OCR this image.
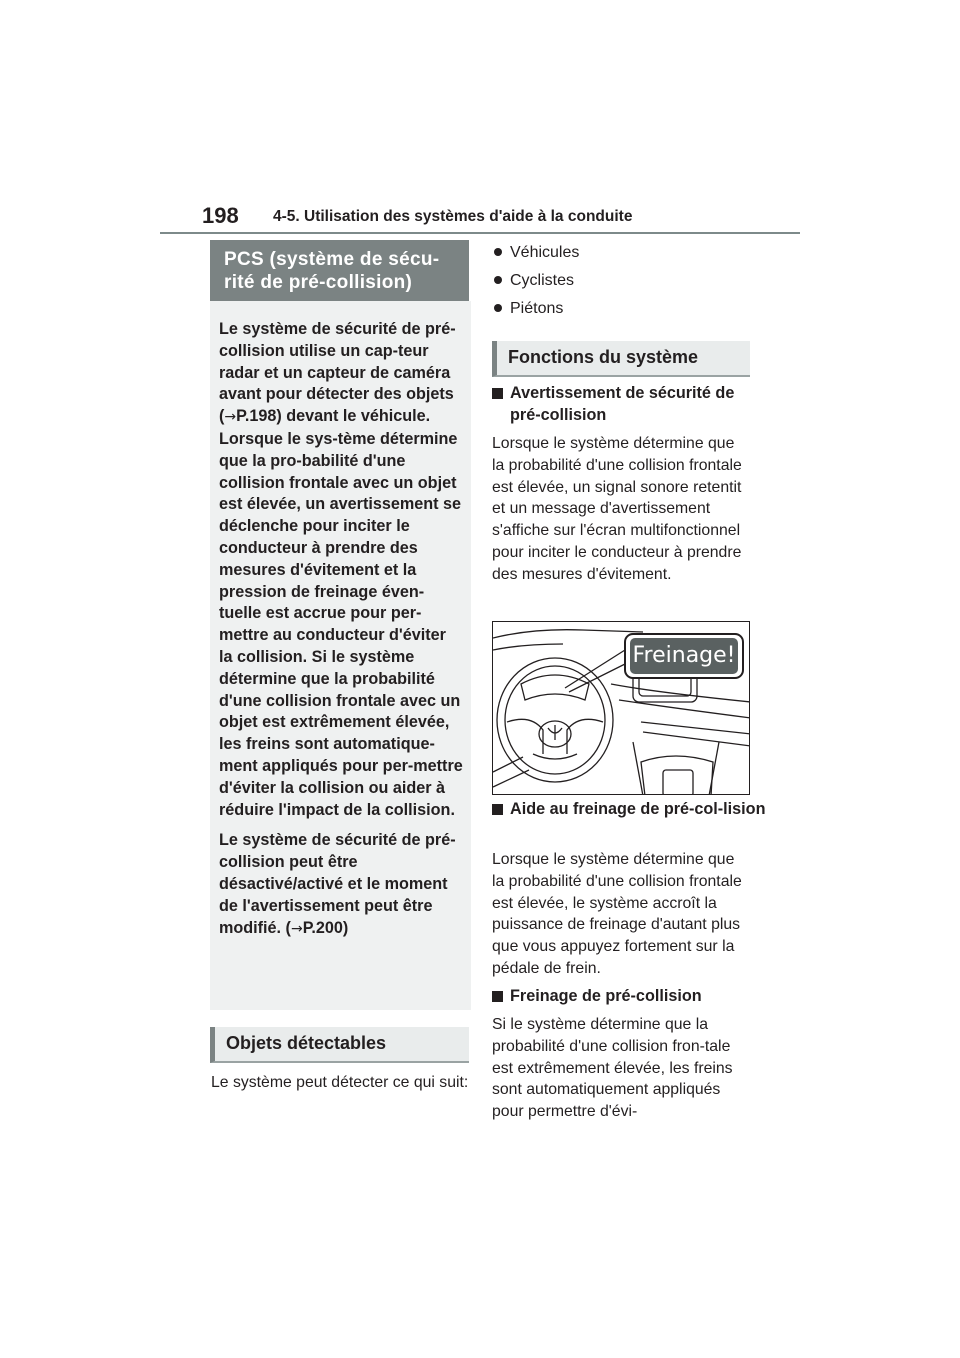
198 4-5. Utilisation des systèmes d'aide à la conduite
PCS (système de sécu-
rité de pré-collision)

Le système de sécurité de pré-collision utilise un cap-teur radar et un capteur de caméra avant pour détecter des objets (→P.198) devant le véhicule. Lorsque le sys-tème détermine que la pro-babilité d'une collision frontale avec un objet est élevée, un avertissement se déclenche pour inciter le conducteur à prendre des mesures d'évitement et la pression de freinage éven-tuelle est accrue pour per-mettre au conducteur d'éviter la collision. Si le système détermine que la probabilité d'une collision frontale avec un objet est extrêmement élevée, les freins sont automatique-ment appliqués pour per-mettre d'éviter la collision ou aider à réduire l'impact de la collision.

Le système de sécurité de pré-collision peut être désactivé/activé et le moment de l'avertissement peut être modifié. (→P.200)

Objets détectables
Le système peut détecter ce qui suit:
Véhicules
Cyclistes
Piétons
Fonctions du système
Avertissement de sécurité de pré-collision
Lorsque le système détermine que la probabilité d'une collision frontale est élevée, un signal sonore retentit et un message d'avertissement s'affiche sur l'écran multifonctionnel pour inciter le conducteur à prendre des mesures d'évitement.
Freinage!
Aide au freinage de pré-col-lision
Lorsque le système détermine que la probabilité d'une collision frontale est élevée, le système accroît la puissance de freinage d'autant plus que vous appuyez fortement sur la pédale de frein.
Freinage de pré-collision
Si le système détermine que la probabilité d'une collision fron-tale est extrêmement élevée, les freins sont automatiquement appliqués pour permettre d'évi-
